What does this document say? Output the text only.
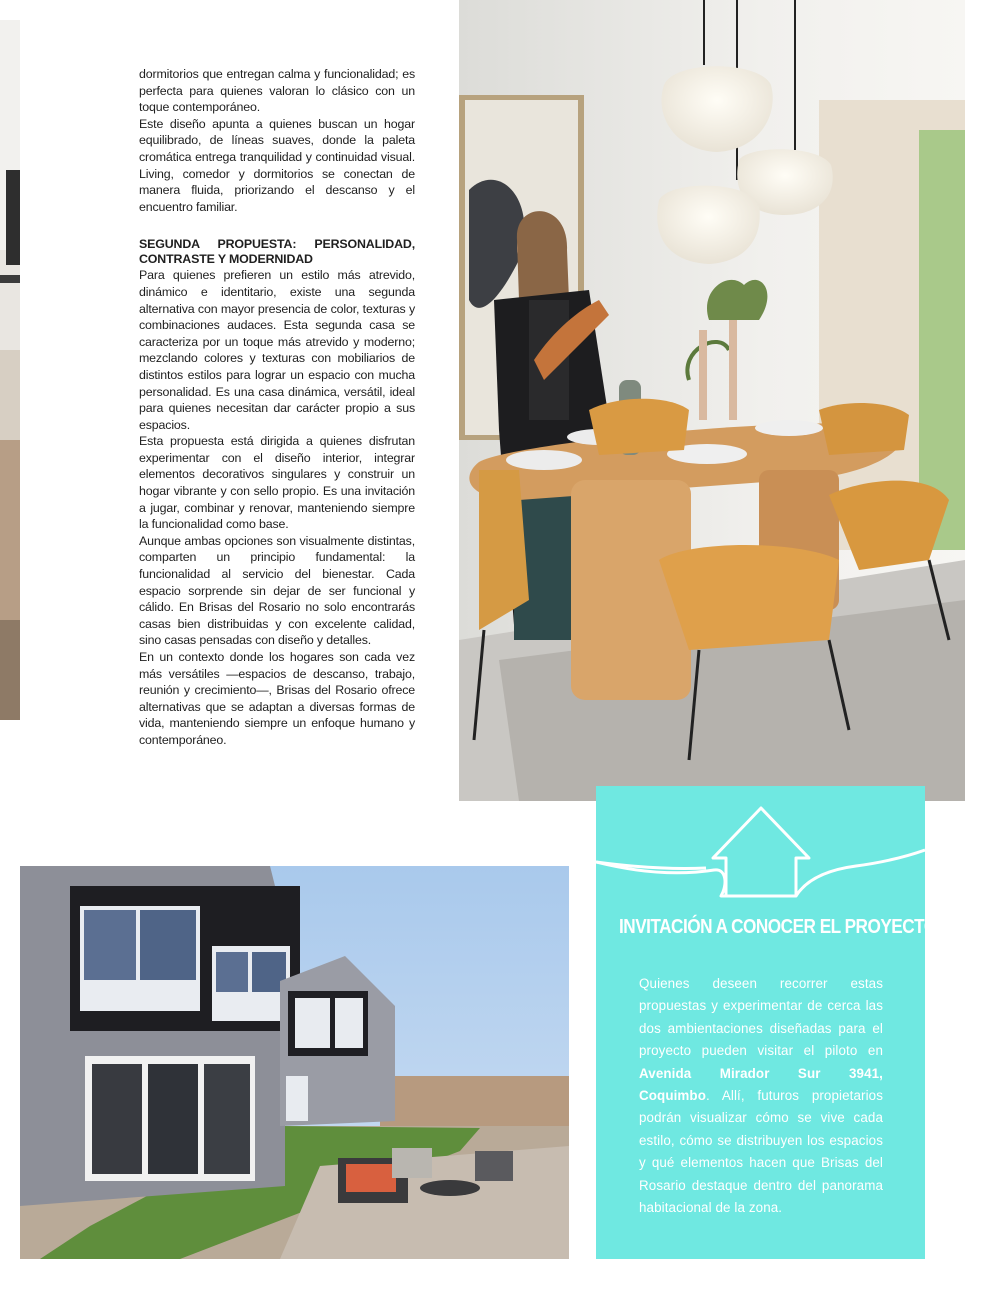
dormitorios que entregan calma y funcionalidad; es perfecta para quienes valoran lo clásico con un toque contemporáneo.

Este diseño apunta a quienes buscan un hogar equilibrado, de líneas suaves, donde la paleta cromática entrega tranquilidad y continuidad visual. Living, comedor y dormitorios se conectan de manera fluida, priorizando el descanso y el encuentro familiar.

SEGUNDA PROPUESTA: PERSONALIDAD, CONTRASTE Y MODERNIDAD

Para quienes prefieren un estilo más atrevido, dinámico e identitario, existe una segunda alternativa con mayor presencia de color, texturas y combinaciones audaces. Esta segunda casa se caracteriza por un toque más atrevido y moderno; mezclando colores y texturas con mobiliarios de distintos estilos para lograr un espacio con mucha personalidad. Es una casa dinámica, versátil, ideal para quienes necesitan dar carácter propio a sus espacios.

Esta propuesta está dirigida a quienes disfrutan experimentar con el diseño interior, integrar elementos decorativos singulares y construir un hogar vibrante y con sello propio. Es una invitación a jugar, combinar y renovar, manteniendo siempre la funcionalidad como base.

Aunque ambas opciones son visualmente distintas, comparten un principio fundamental: la funcionalidad al servicio del bienestar. Cada espacio sorprende sin dejar de ser funcional y cálido. En Brisas del Rosario no solo encontrarás casas bien distribuidas y con excelente calidad, sino casas pensadas con diseño y detalles.

En un contexto donde los hogares son cada vez más versátiles —espacios de descanso, trabajo, reunión y crecimiento—, Brisas del Rosario ofrece alternativas que se adaptan a diversas formas de vida, manteniendo siempre un enfoque humano y contemporáneo.

INVITACIÓN A CONOCER EL PROYECTO
Quienes deseen recorrer estas propuestas y experimentar de cerca las dos ambientaciones diseñadas para el proyecto pueden visitar el piloto en Avenida Mirador Sur 3941, Coquimbo. Allí, futuros propietarios podrán visualizar cómo se vive cada estilo, cómo se distribuyen los espacios y qué elementos hacen que Brisas del Rosario destaque dentro del panorama habitacional de la zona.
